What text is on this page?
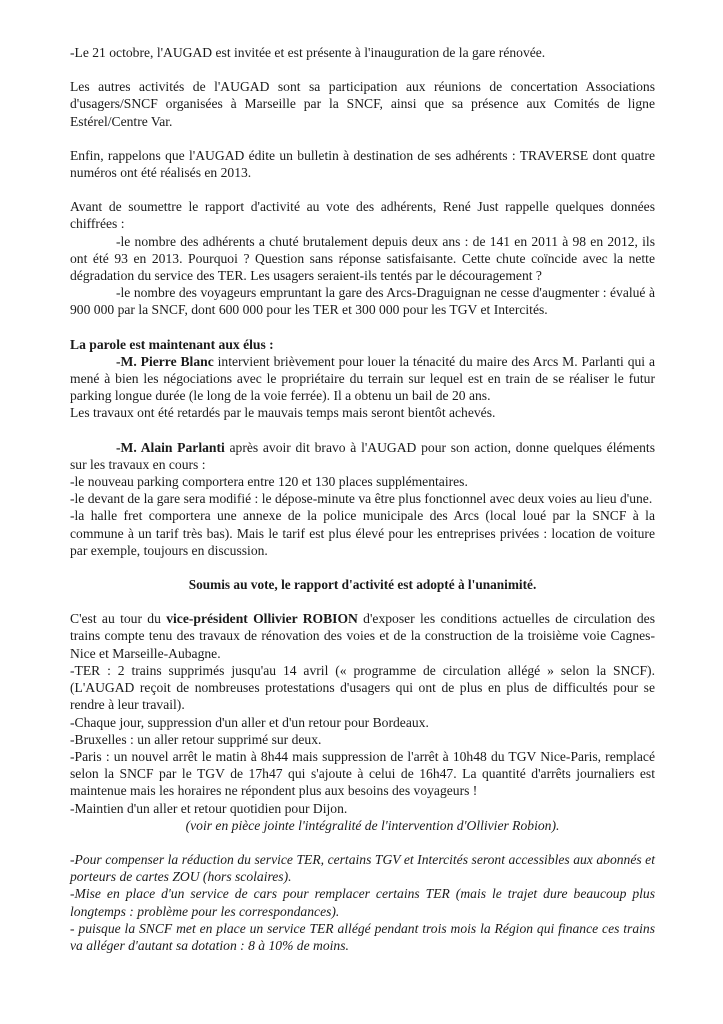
-Le 21 octobre, l'AUGAD est invitée et est présente à l'inauguration de la gare rénovée.

Les autres activités de l'AUGAD sont sa participation aux réunions de concertation Associations d'usagers/SNCF organisées à Marseille par la SNCF, ainsi que sa présence aux Comités de ligne Estérel/Centre Var.

Enfin, rappelons que l'AUGAD édite un bulletin à destination de ses adhérents : TRAVERSE dont quatre numéros ont été réalisés en 2013.

Avant de soumettre le rapport d'activité au vote des adhérents, René Just rappelle quelques données chiffrées :

-le nombre des adhérents a chuté brutalement depuis deux ans : de 141 en 2011 à 98 en 2012, ils ont été 93 en 2013. Pourquoi ? Question sans réponse satisfaisante. Cette chute coïncide avec la nette dégradation du service des TER. Les usagers seraient-ils tentés par le découragement ?

-le nombre des voyageurs empruntant la gare des Arcs-Draguignan ne cesse d'augmenter : évalué à 900 000 par la SNCF, dont 600 000 pour les TER et 300 000 pour les TGV et Intercités.

La parole est maintenant aux élus :

-M. Pierre Blanc intervient brièvement pour louer la ténacité du maire des Arcs M. Parlanti qui a mené à bien les négociations avec le propriétaire du terrain sur lequel est en train de se réaliser le futur parking longue durée (le long de la voie ferrée). Il a obtenu un bail de 20 ans.

Les travaux ont été retardés par le mauvais temps mais seront bientôt achevés.

-M. Alain Parlanti après avoir dit bravo à l'AUGAD pour son action, donne quelques éléments sur les travaux en cours :

-le nouveau parking comportera entre 120 et 130 places supplémentaires.

-le devant de la gare sera modifié : le dépose-minute va être plus fonctionnel avec deux voies au lieu d'une.

-la halle fret comportera une annexe de la police municipale des Arcs (local loué par la SNCF à la commune à un tarif très bas). Mais le tarif est plus élevé pour les entreprises privées : location de voiture par exemple, toujours en discussion.

Soumis au vote, le rapport d'activité est adopté à l'unanimité.

C'est au tour du vice-président Ollivier ROBION d'exposer les conditions actuelles de circulation des trains compte tenu des travaux de rénovation des voies et de la construction de la troisième voie Cagnes-Nice et Marseille-Aubagne.

-TER : 2 trains supprimés jusqu'au 14 avril (« programme de circulation allégé » selon la SNCF). (L'AUGAD reçoit de nombreuses protestations d'usagers qui ont de plus en plus de difficultés pour se rendre à leur travail).

-Chaque jour, suppression d'un aller et d'un retour pour Bordeaux.

-Bruxelles : un aller retour supprimé sur deux.

-Paris : un nouvel arrêt le matin à 8h44 mais suppression de l'arrêt à 10h48 du TGV Nice-Paris, remplacé selon la SNCF par le TGV de 17h47 qui s'ajoute à celui de 16h47. La quantité d'arrêts journaliers est maintenue mais les horaires ne répondent plus aux besoins des voyageurs !

-Maintien d'un aller et retour quotidien pour Dijon.

(voir en pièce jointe l'intégralité de l'intervention d'Ollivier Robion).

-Pour compenser la réduction du service TER, certains TGV et Intercités seront accessibles aux abonnés et porteurs de cartes ZOU (hors scolaires).

-Mise en place d'un service de cars pour remplacer certains TER (mais le trajet dure beaucoup plus longtemps : problème pour les correspondances).

- puisque la SNCF met en place un service TER allégé pendant trois mois la Région qui finance ces trains va alléger d'autant sa dotation : 8 à 10% de moins.
